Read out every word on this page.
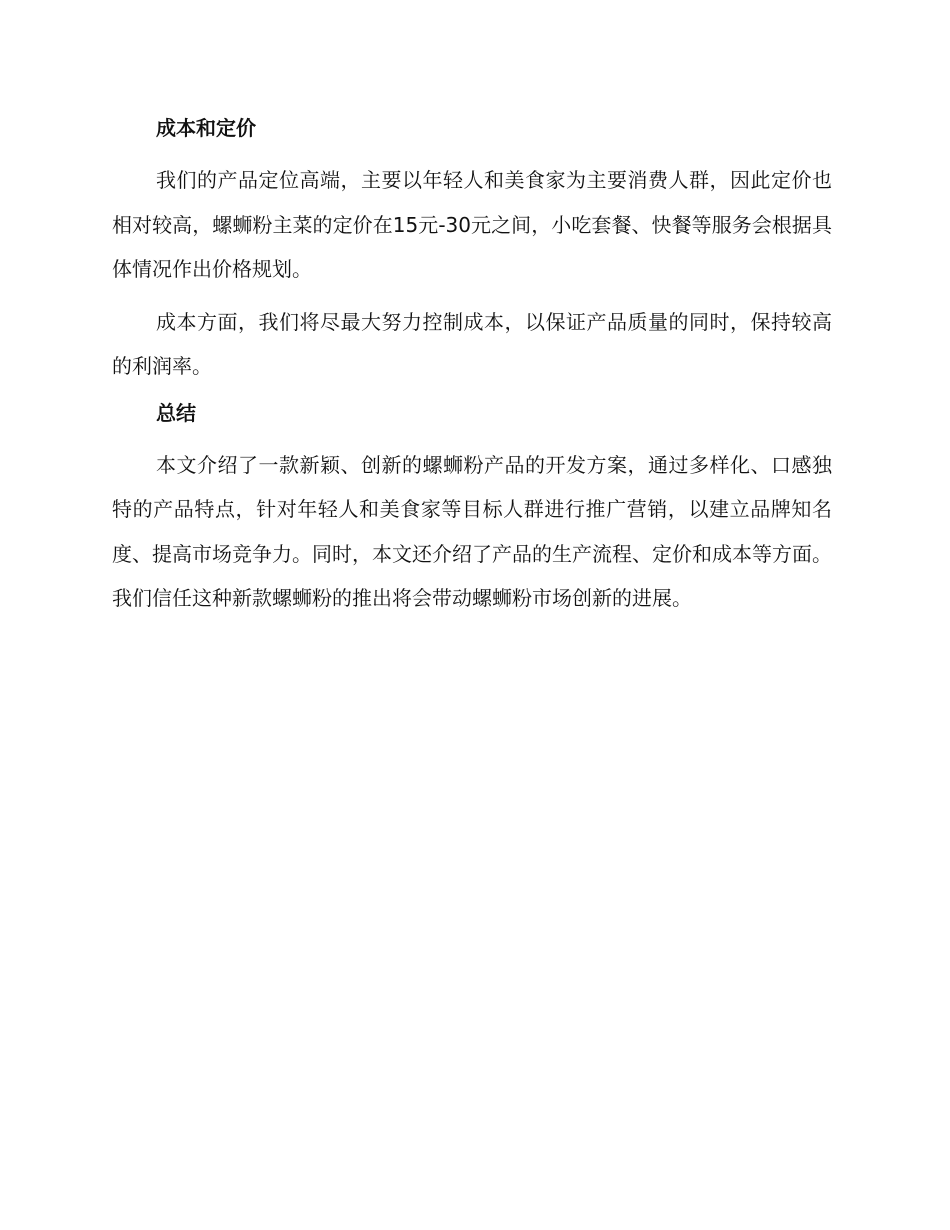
成本和定价

我们的产品定位高端，主要以年轻人和美食家为主要消费人群，因此定价也相对较高，螺蛳粉主菜的定价在15元-30元之间，小吃套餐、快餐等服务会根据具体情况作出价格规划。

成本方面，我们将尽最大努力控制成本，以保证产品质量的同时，保持较高的利润率。

总结

本文介绍了一款新颖、创新的螺蛳粉产品的开发方案，通过多样化、口感独特的产品特点，针对年轻人和美食家等目标人群进行推广营销，以建立品牌知名度、提高市场竞争力。同时，本文还介绍了产品的生产流程、定价和成本等方面。我们信任这种新款螺蛳粉的推出将会带动螺蛳粉市场创新的进展。
